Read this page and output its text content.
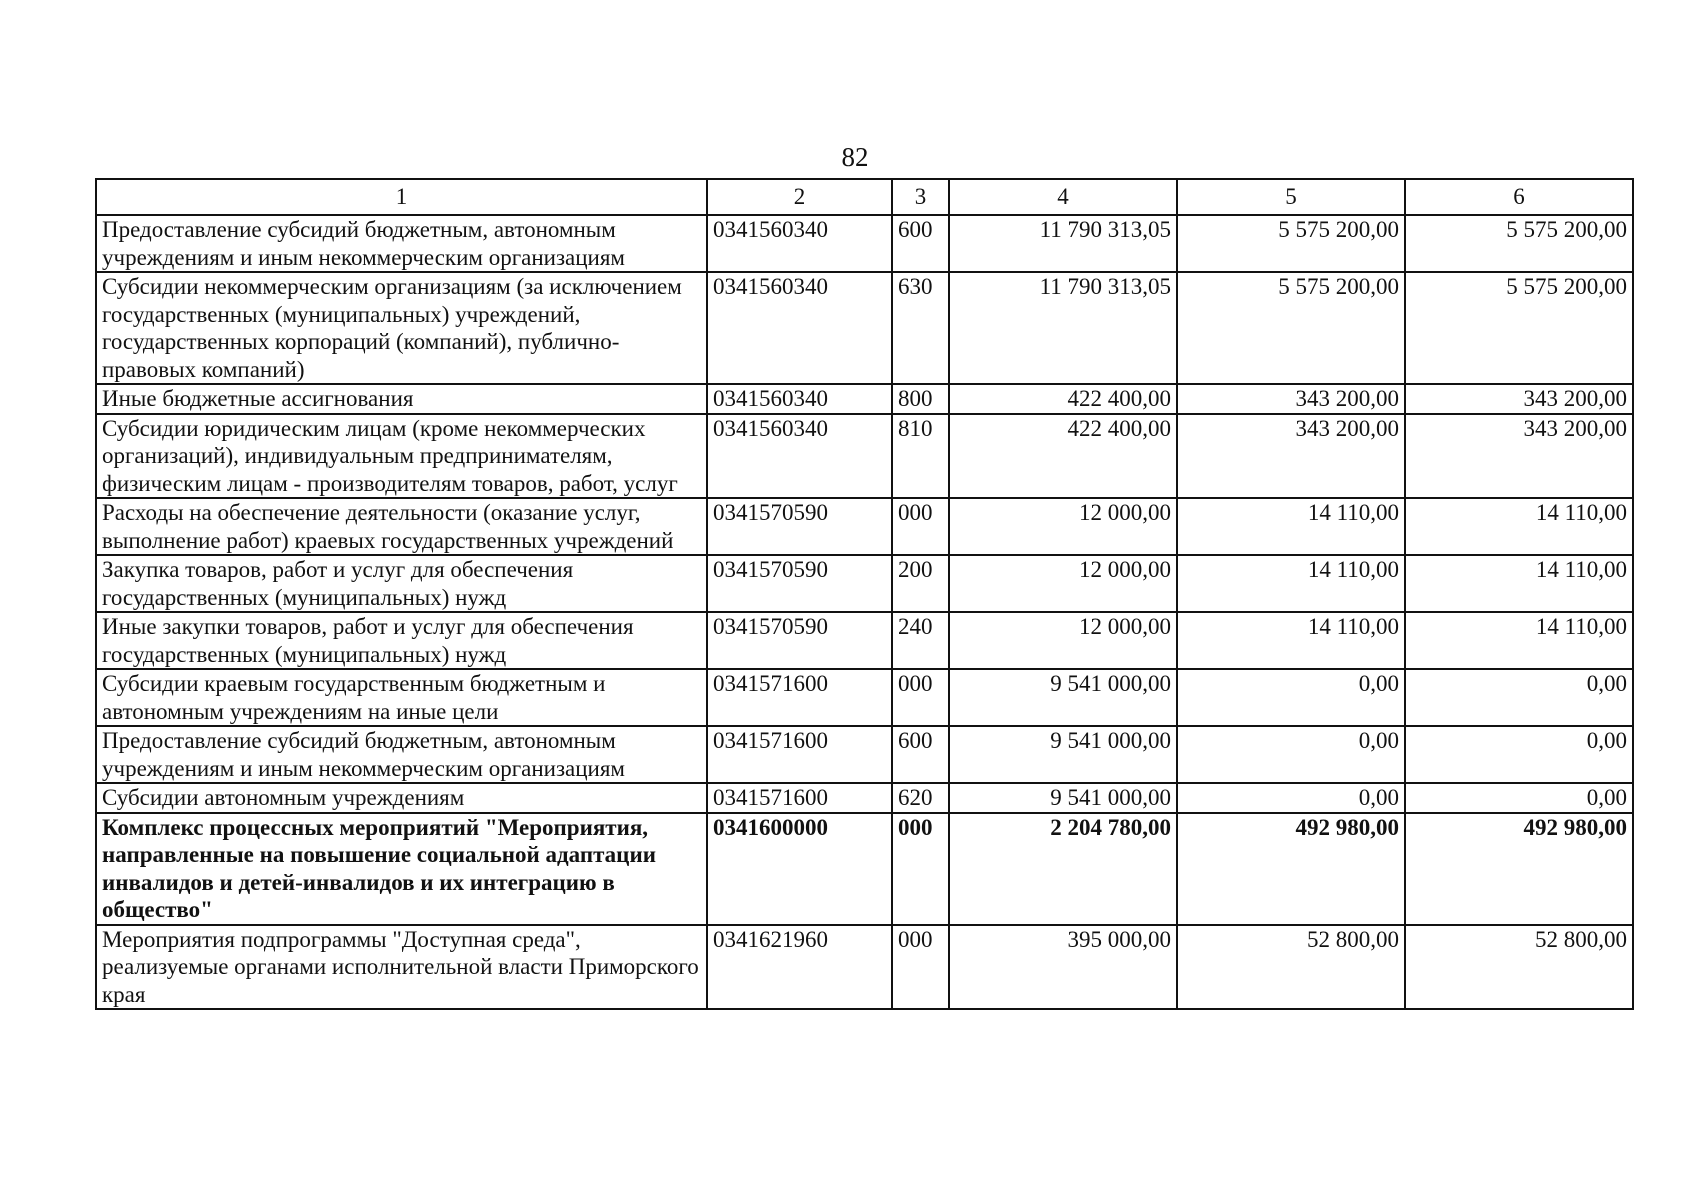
82
1	2	3	4	5	6
Предоставление субсидий бюджетным, автономным учреждениям и иным некоммерческим организациям	0341560340	600	11 790 313,05	5 575 200,00	5 575 200,00
Субсидии некоммерческим организациям (за исключением государственных (муниципальных) учреждений, государственных корпораций (компаний), публично-правовых компаний)	0341560340	630	11 790 313,05	5 575 200,00	5 575 200,00
Иные бюджетные ассигнования	0341560340	800	422 400,00	343 200,00	343 200,00
Субсидии юридическим лицам (кроме некоммерческих организаций), индивидуальным предпринимателям, физическим лицам - производителям товаров, работ, услуг	0341560340	810	422 400,00	343 200,00	343 200,00
Расходы на обеспечение деятельности (оказание услуг, выполнение работ) краевых государственных учреждений	0341570590	000	12 000,00	14 110,00	14 110,00
Закупка товаров, работ и услуг для обеспечения государственных (муниципальных) нужд	0341570590	200	12 000,00	14 110,00	14 110,00
Иные закупки товаров, работ и услуг для обеспечения государственных (муниципальных) нужд	0341570590	240	12 000,00	14 110,00	14 110,00
Субсидии краевым государственным бюджетным и автономным учреждениям на иные цели	0341571600	000	9 541 000,00	0,00	0,00
Предоставление субсидий бюджетным, автономным учреждениям и иным некоммерческим организациям	0341571600	600	9 541 000,00	0,00	0,00
Субсидии автономным учреждениям	0341571600	620	9 541 000,00	0,00	0,00
Комплекс процессных мероприятий "Мероприятия, направленные на повышение социальной адаптации инвалидов и детей-инвалидов и их интеграцию в общество"	0341600000	000	2 204 780,00	492 980,00	492 980,00
Мероприятия подпрограммы "Доступная среда", реализуемые органами исполнительной власти Приморского края	0341621960	000	395 000,00	52 800,00	52 800,00
